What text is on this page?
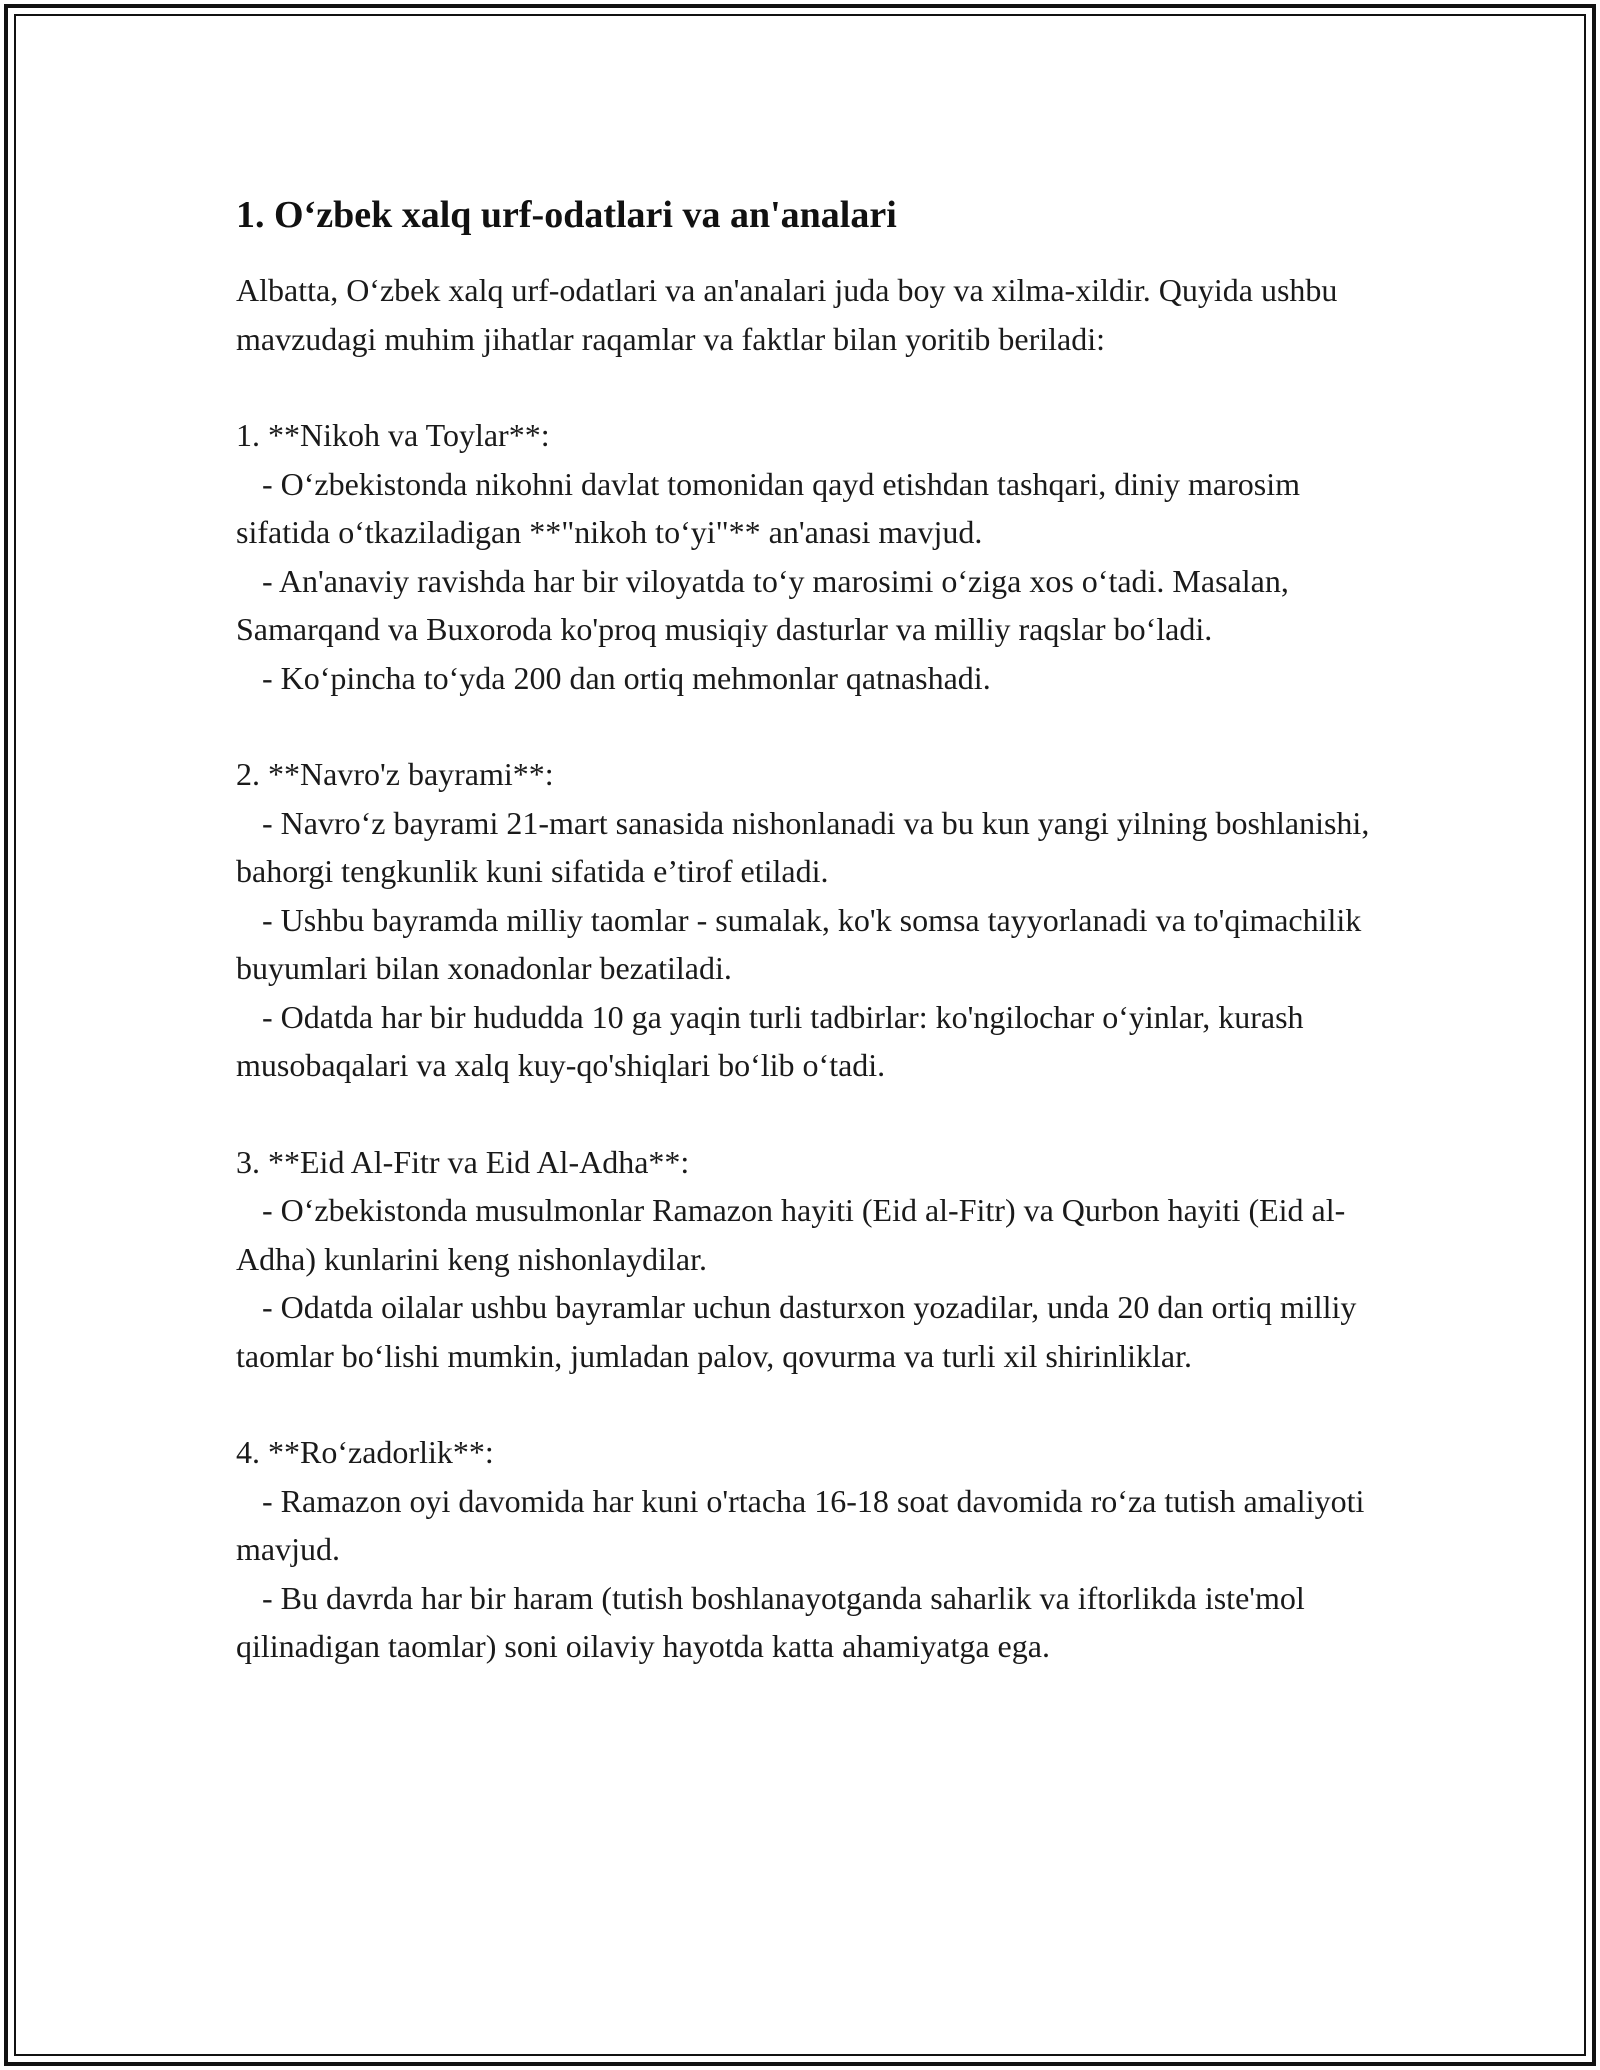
1. O‘zbek xalq urf-odatlari va an'analari

Albatta, O‘zbek xalq urf-odatlari va an'analari juda boy va xilma-xildir. Quyida ushbu mavzudagi muhim jihatlar raqamlar va faktlar bilan yoritib beriladi:

1. **Nikoh va Toylar**:

- O‘zbekistonda nikohni davlat tomonidan qayd etishdan tashqari, diniy marosim sifatida o‘tkaziladigan **"nikoh to‘yi"** an'anasi mavjud.

- An'anaviy ravishda har bir viloyatda to‘y marosimi o‘ziga xos o‘tadi. Masalan, Samarqand va Buxoroda ko'proq musiqiy dasturlar va milliy raqslar bo‘ladi.

- Ko‘pincha to‘yda 200 dan ortiq mehmonlar qatnashadi.

2. **Navro'z bayrami**:

- Navro‘z bayrami 21-mart sanasida nishonlanadi va bu kun yangi yilning boshlanishi, bahorgi tengkunlik kuni sifatida e’tirof etiladi.

- Ushbu bayramda milliy taomlar - sumalak, ko'k somsa tayyorlanadi va to'qimachilik buyumlari bilan xonadonlar bezatiladi.

- Odatda har bir hududda 10 ga yaqin turli tadbirlar: ko'ngilochar o‘yinlar, kurash musobaqalari va xalq kuy-qo'shiqlari bo‘lib o‘tadi.

3. **Eid Al-Fitr va Eid Al-Adha**:

- O‘zbekistonda musulmonlar Ramazon hayiti (Eid al-Fitr) va Qurbon hayiti (Eid al-Adha) kunlarini keng nishonlaydilar.

- Odatda oilalar ushbu bayramlar uchun dasturxon yozadilar, unda 20 dan ortiq milliy taomlar bo‘lishi mumkin, jumladan palov, qovurma va turli xil shirinliklar.

4. **Ro‘zadorlik**:

- Ramazon oyi davomida har kuni o'rtacha 16-18 soat davomida ro‘za tutish amaliyoti mavjud.

- Bu davrda har bir haram (tutish boshlanayotganda saharlik va iftorlikda iste'mol qilinadigan taomlar) soni oilaviy hayotda katta ahamiyatga ega.
